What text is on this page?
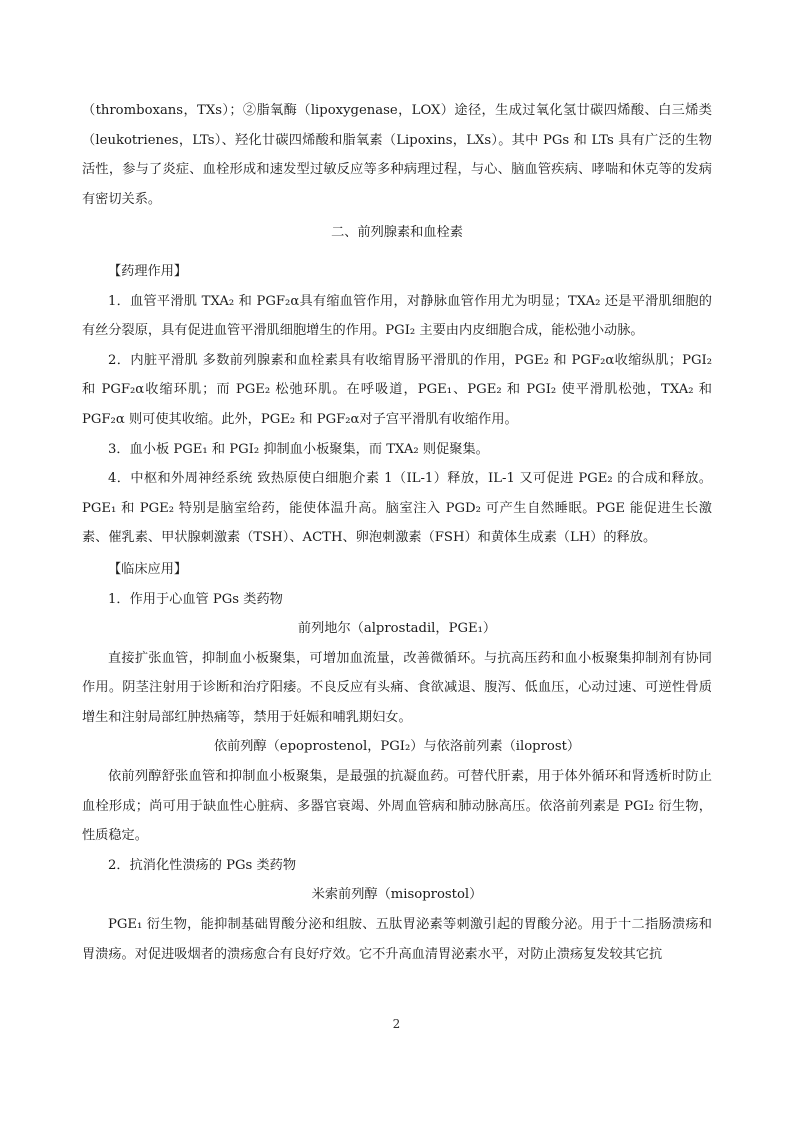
（thromboxans，TXs）；②脂氧酶（lipoxygenase，LOX）途径，生成过氧化氢廿碳四烯酸、白三烯类（leukotrienes，LTs）、羟化廿碳四烯酸和脂氧素（Lipoxins，LXs）。其中 PGs 和 LTs 具有广泛的生物活性，参与了炎症、血栓形成和速发型过敏反应等多种病理过程，与心、脑血管疾病、哮喘和休克等的发病有密切关系。

二、前列腺素和血栓素

【药理作用】

1．血管平滑肌 TXA₂ 和 PGF₂α具有缩血管作用，对静脉血管作用尤为明显；TXA₂ 还是平滑肌细胞的有丝分裂原，具有促进血管平滑肌细胞增生的作用。PGI₂ 主要由内皮细胞合成，能松弛小动脉。

2．内脏平滑肌 多数前列腺素和血栓素具有收缩胃肠平滑肌的作用，PGE₂ 和 PGF₂α收缩纵肌；PGI₂ 和 PGF₂α收缩环肌；而 PGE₂ 松弛环肌。在呼吸道，PGE₁、PGE₂ 和 PGI₂ 使平滑肌松弛，TXA₂ 和 PGF₂α 则可使其收缩。此外，PGE₂ 和 PGF₂α对子宫平滑肌有收缩作用。

3．血小板 PGE₁ 和 PGI₂ 抑制血小板聚集，而 TXA₂ 则促聚集。

4．中枢和外周神经系统 致热原使白细胞介素 1（IL-1）释放，IL-1 又可促进 PGE₂ 的合成和释放。PGE₁ 和 PGE₂ 特别是脑室给药，能使体温升高。脑室注入 PGD₂ 可产生自然睡眠。PGE 能促进生长激素、催乳素、甲状腺刺激素（TSH）、ACTH、卵泡刺激素（FSH）和黄体生成素（LH）的释放。

【临床应用】

1．作用于心血管 PGs 类药物

前列地尔（alprostadil，PGE₁）

直接扩张血管，抑制血小板聚集，可增加血流量，改善微循环。与抗高压药和血小板聚集抑制剂有协同作用。阴茎注射用于诊断和治疗阳痿。不良反应有头痛、食欲减退、腹泻、低血压，心动过速、可逆性骨质增生和注射局部红肿热痛等，禁用于妊娠和哺乳期妇女。

依前列醇（epoprostenol，PGI₂）与依洛前列素（iloprost）

依前列醇舒张血管和抑制血小板聚集，是最强的抗凝血药。可替代肝素，用于体外循环和肾透析时防止血栓形成；尚可用于缺血性心脏病、多器官衰竭、外周血管病和肺动脉高压。依洛前列素是 PGI₂ 衍生物，性质稳定。

2．抗消化性溃疡的 PGs 类药物

米索前列醇（misoprostol）

PGE₁ 衍生物，能抑制基础胃酸分泌和组胺、五肽胃泌素等刺激引起的胃酸分泌。用于十二指肠溃疡和胃溃疡。对促进吸烟者的溃疡愈合有良好疗效。它不升高血清胃泌素水平，对防止溃疡复发较其它抗

2
